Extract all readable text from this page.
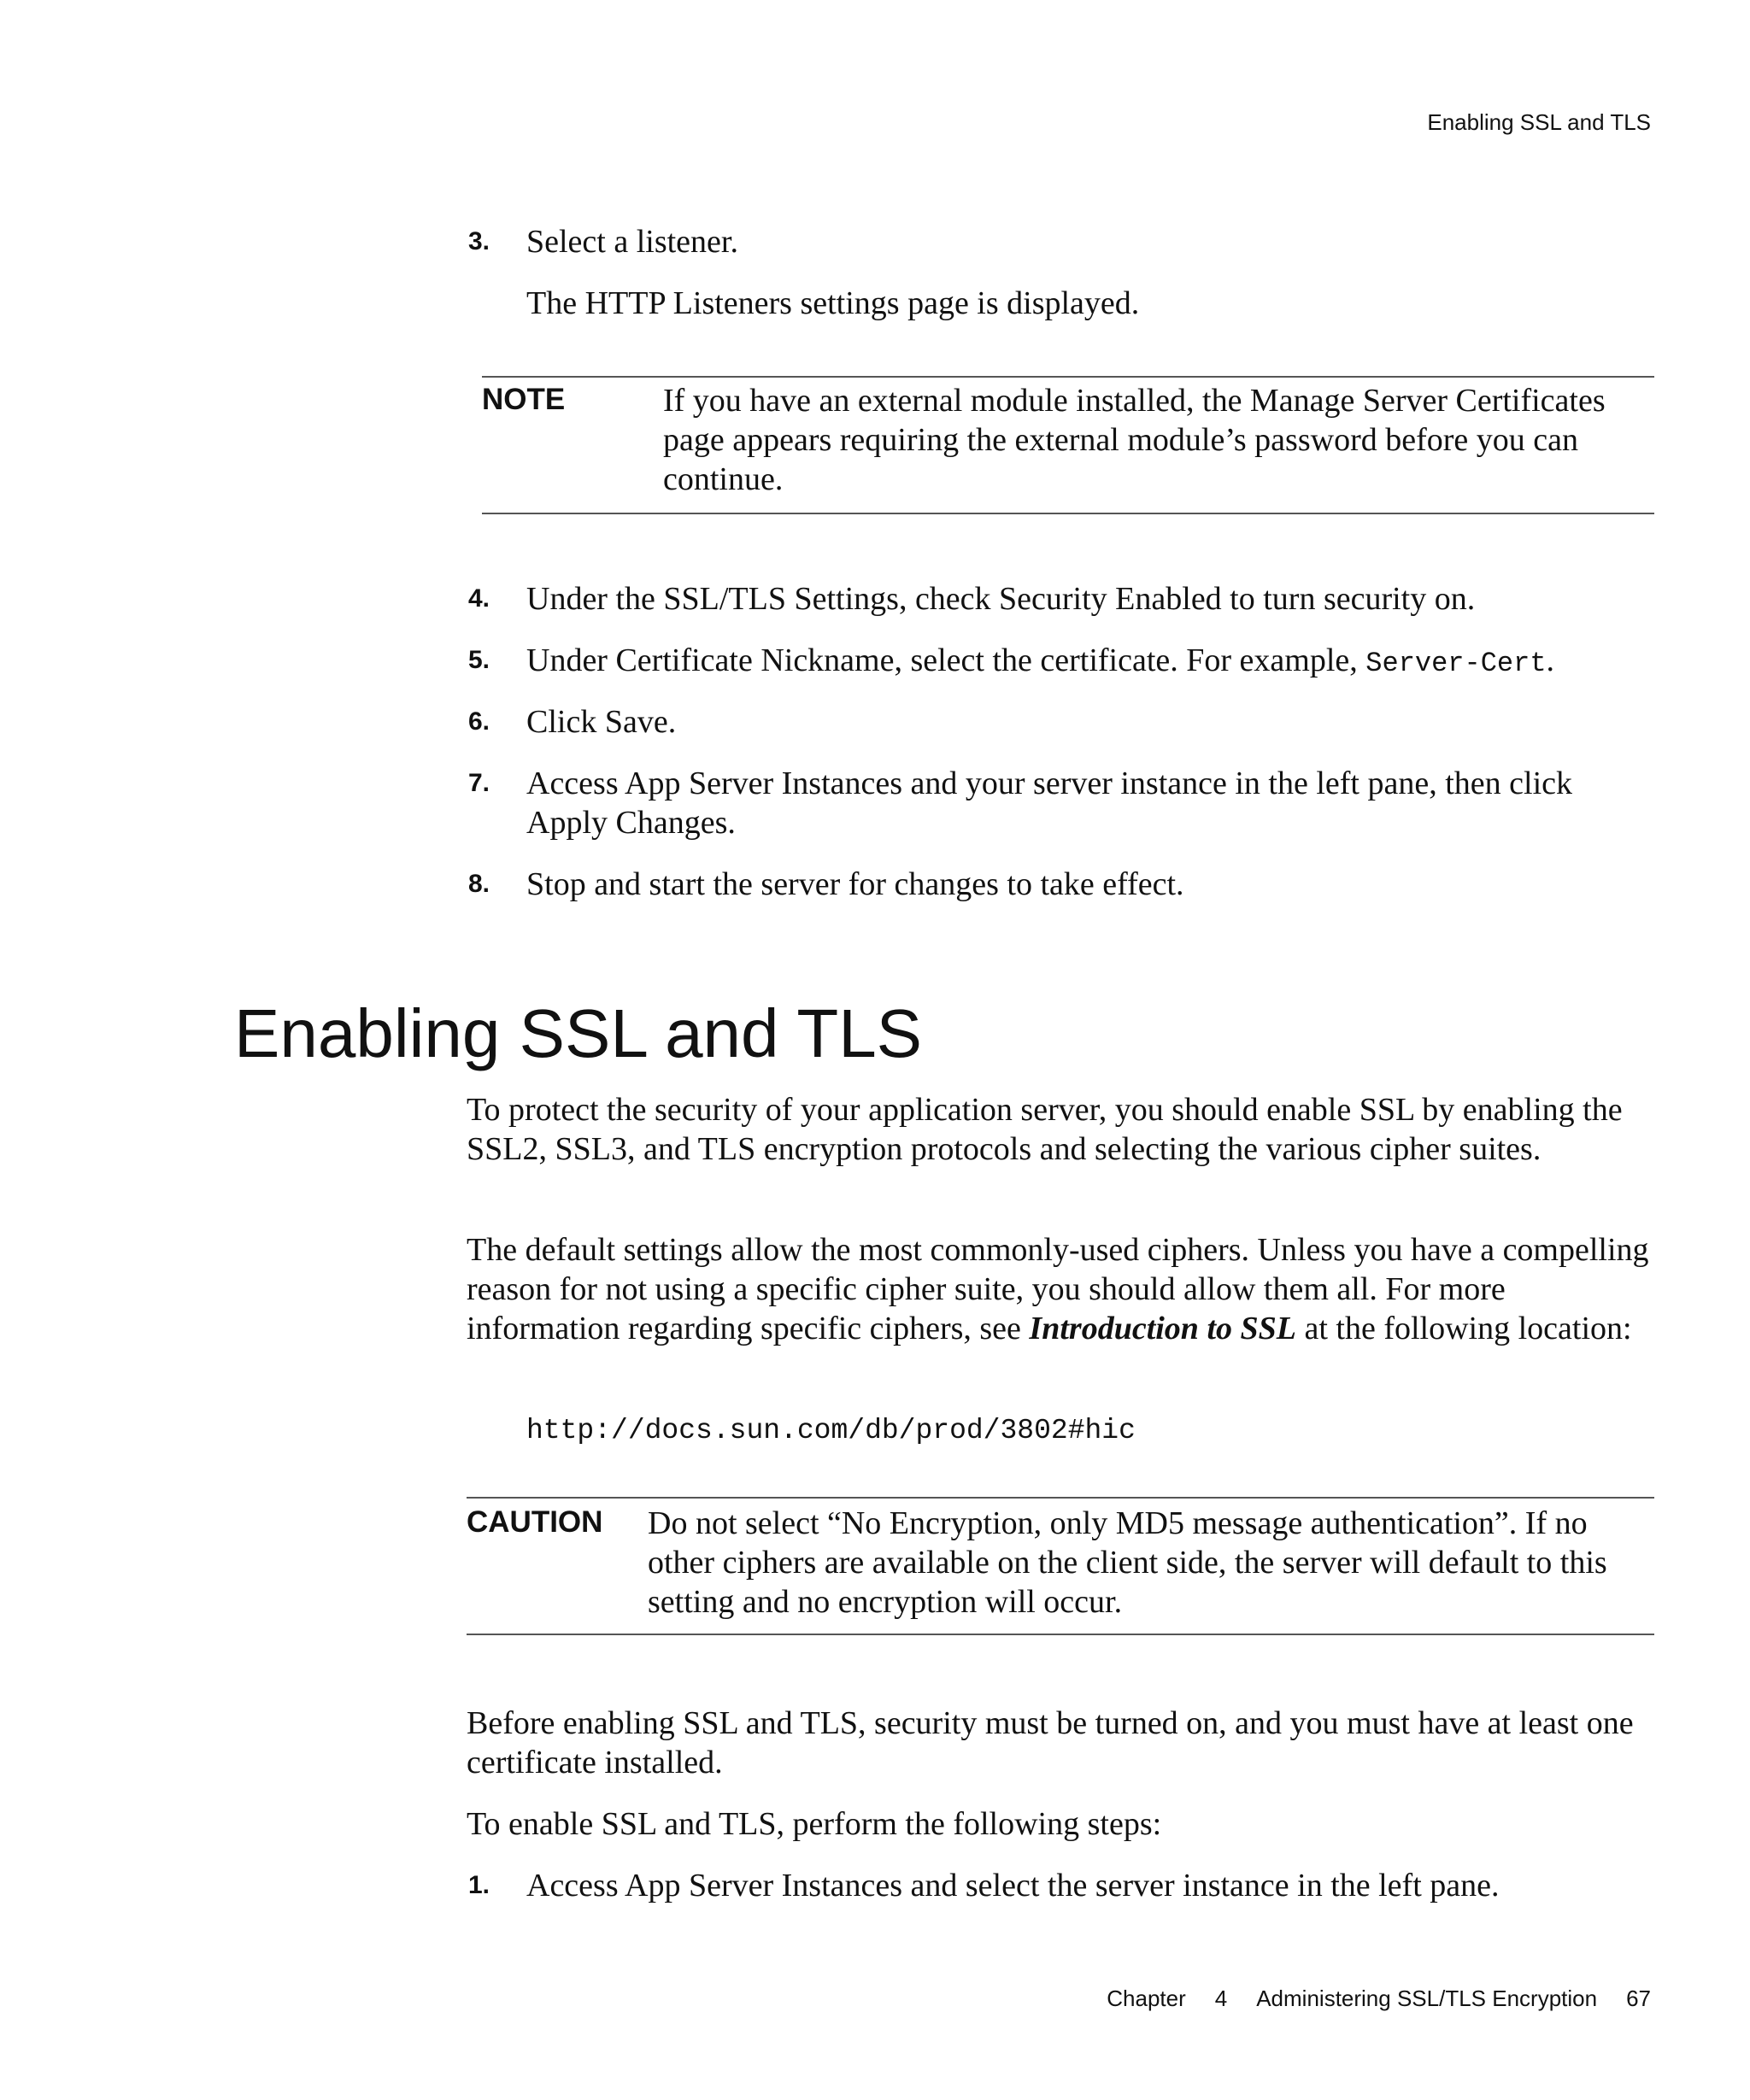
Enabling SSL and TLS
3. Select a listener.
The HTTP Listeners settings page is displayed.
NOTE	If you have an external module installed, the Manage Server Certificates page appears requiring the external module’s password before you can continue.
4. Under the SSL/TLS Settings, check Security Enabled to turn security on.
5. Under Certificate Nickname, select the certificate. For example, Server-Cert.
6. Click Save.
7. Access App Server Instances and your server instance in the left pane, then click Apply Changes.
8. Stop and start the server for changes to take effect.
Enabling SSL and TLS
To protect the security of your application server, you should enable SSL by enabling the SSL2, SSL3, and TLS encryption protocols and selecting the various cipher suites.
The default settings allow the most commonly-used ciphers. Unless you have a compelling reason for not using a specific cipher suite, you should allow them all. For more information regarding specific ciphers, see Introduction to SSL at the following location:
http://docs.sun.com/db/prod/3802#hic
CAUTION Do not select “No Encryption, only MD5 message authentication”. If no other ciphers are available on the client side, the server will default to this setting and no encryption will occur.
Before enabling SSL and TLS, security must be turned on, and you must have at least one certificate installed.
To enable SSL and TLS, perform the following steps:
1. Access App Server Instances and select the server instance in the left pane.
Chapter 4 Administering SSL/TLS Encryption 67
